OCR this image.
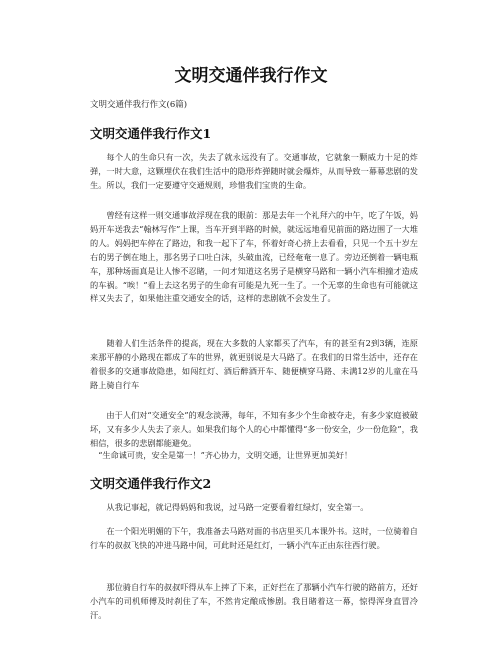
文明交通伴我行作文

文明交通伴我行作文(6篇)

文明交通伴我行作文1

每个人的生命只有一次，失去了就永远没有了。交通事故，它就象一颗威力十足的炸弹，一时大意，这颗埋伏在我们生活中的隐形炸弹随时就会爆炸，从而导致一幕幕悲剧的发生。所以，我们一定要遵守交通规则，珍惜我们宝贵的生命。

曾经有这样一则交通事故浮现在我的眼前：那是去年一个礼拜六的中午，吃了午饭，妈妈开车送我去“翰林写作”上课，当车开到半路的时候，就远远地看见前面的路边围了一大堆的人。妈妈把车停在了路边，和我一起下了车，怀着好奇心挤上去看看，只见一个五十岁左右的男子倒在地上，那名男子口吐白沫，头破血流，已经奄奄一息了。旁边还倒着一辆电瓶车，那种场面真是让人惨不忍睹，一问才知道这名男子是横穿马路和一辆小汽车相撞才造成的车祸。“唉！”看上去这名男子的生命有可能是九死一生了。一个无辜的生命也有可能就这样又失去了，如果他注重交通安全的话，这样的悲剧就不会发生了。

随着人们生活条件的提高，现在大多数的人家都买了汽车，有的甚至有2到3辆，连原来那平静的小路现在都成了车的世界，就更别说是大马路了。在我们的日常生活中，还存在着很多的交通事故隐患，如闯红灯、酒后醉酒开车、随便横穿马路、未满12岁的儿童在马路上骑自行车

由于人们对“交通安全”的观念淡薄，每年，不知有多少个生命被夺走，有多少家庭被破坏，又有多少人失去了亲人。如果我们每个人的心中都懂得“多一份安全，少一份危险”，我相信，很多的悲剧都能避免。

“生命诚可贵，安全是第一！”齐心协力，文明交通，让世界更加美好！

文明交通伴我行作文2

从我记事起，就记得妈妈和我说，过马路一定要看着红绿灯，安全第一。

在一个阳光明媚的下午，我准备去马路对面的书店里买几本课外书。这时，一位骑着自行车的叔叔飞快的冲进马路中间，可此时还是红灯，一辆小汽车正由东往西行驶。

那位骑自行车的叔叔吓得从车上摔了下来，正好拦在了那辆小汽车行驶的路前方，还好小汽车的司机师傅及时刹住了车，不然肯定酿成惨剧。我目睹着这一幕，惊得浑身直冒冷汗。
